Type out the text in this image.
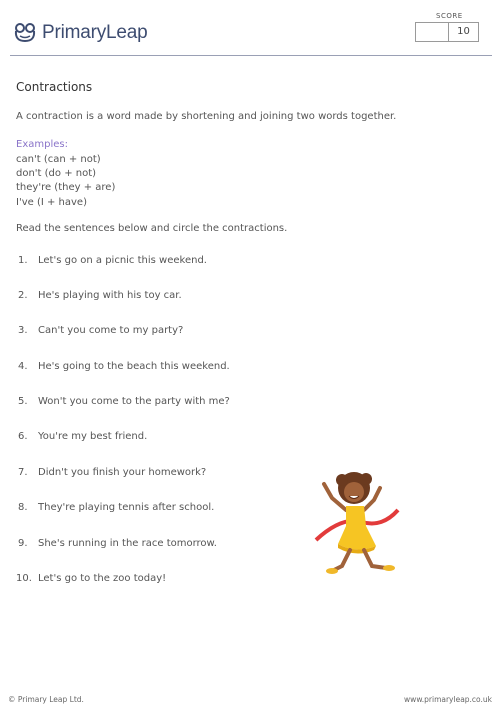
PrimaryLeap
SCORE
10
Contractions
A contraction is a word made by shortening and joining two words together.
Examples:
can't (can + not)
don't (do + not)
they're (they + are)
I've (I + have)
Read the sentences below and circle the contractions.
1. Let's go on a picnic this weekend.
2. He's playing with his toy car.
3. Can't you come to my party?
4. He's going to the beach this weekend.
5. Won't you come to the party with me?
6. You're my best friend.
7. Didn't you finish your homework?
8. They're playing tennis after school.
9. She's running in the race tomorrow.
10. Let's go to the zoo today!
© Primary Leap Ltd.	www.primaryleap.co.uk
